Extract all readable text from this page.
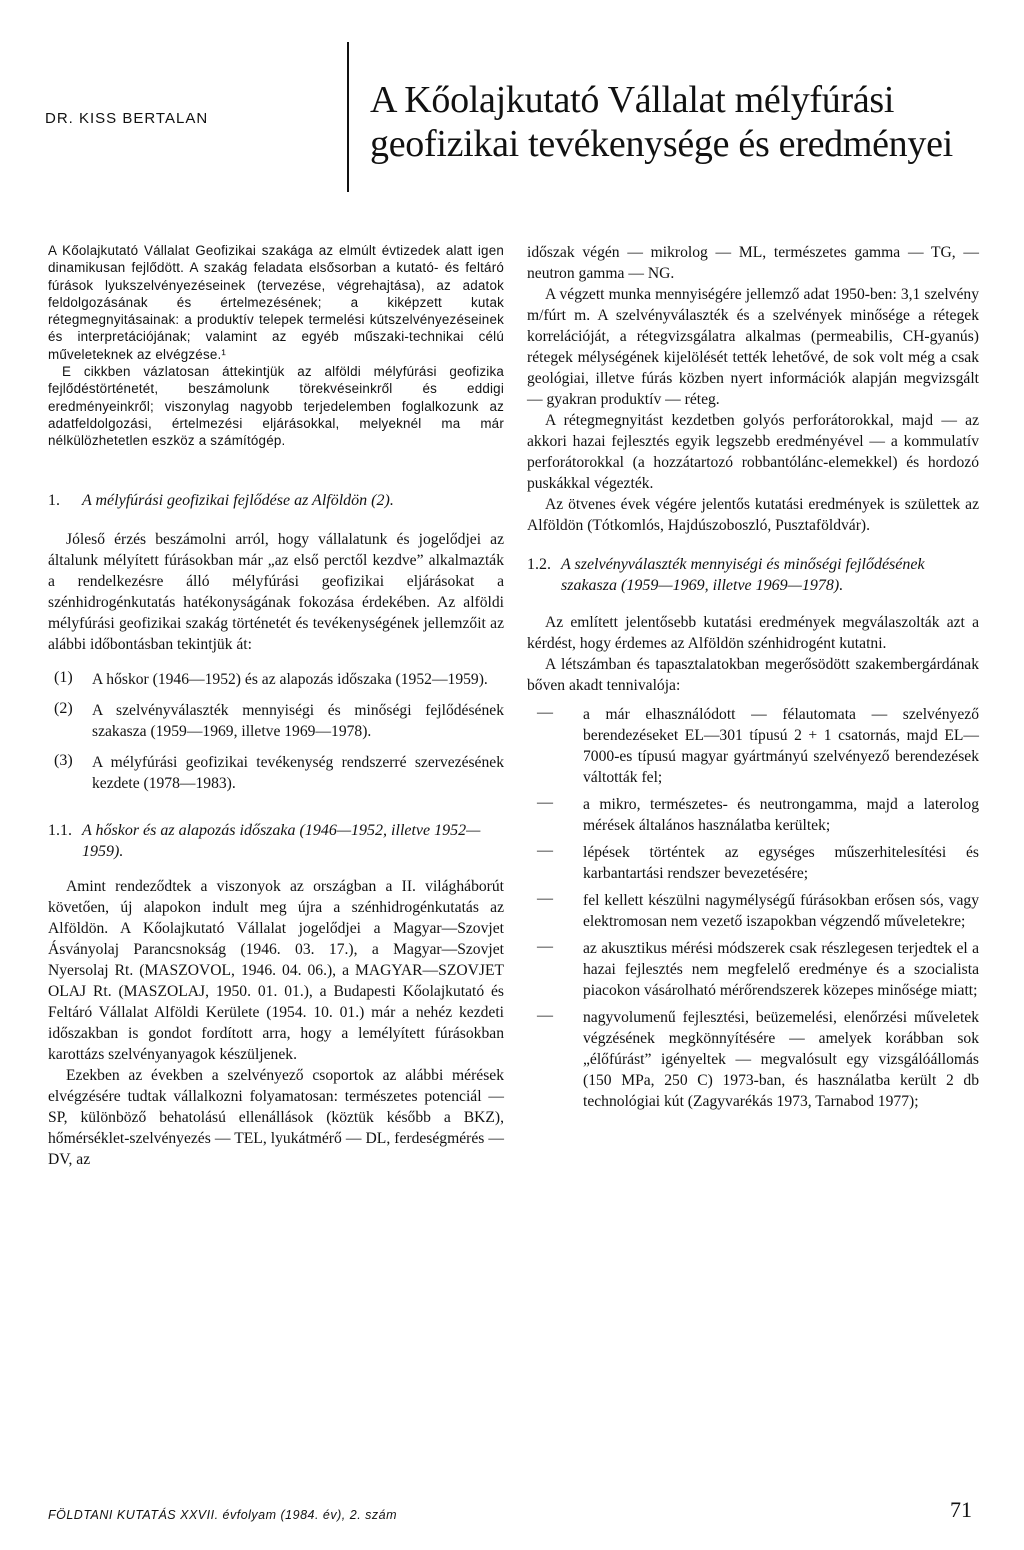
DR. KISS BERTALAN	A Kőolajkutató Vállalat mélyfúrási
geofizikai tevékenysége és eredményei

A Kőolajkutató Vállalat Geofizikai szakága az elmúlt évtizedek alatt igen dinamikusan fejlődött. A szakág feladata elsősorban a kutató- és feltáró fúrások lyukszelvényezéseinek (tervezése, végrehajtása), az adatok feldolgozásának és értelmezésének; a kiképzett kutak rétegmegnyitásainak: a produktív telepek termelési kútszelvényezéseinek és interpretációjának; valamint az egyéb műszaki-technikai célú műveleteknek az elvégzése.¹

E cikkben vázlatosan áttekintjük az alföldi mélyfúrási geofizika fejlődéstörténetét, beszámolunk törekvéseinkről és eddigi eredményeinkről; viszonylag nagyobb terjedelemben foglalkozunk az adatfeldolgozási, értelmezési eljárásokkal, melyeknél ma már nélkülözhetetlen eszköz a számítógép.

1.	A mélyfúrási geofizikai fejlődése az Alföldön (2).

Jóleső érzés beszámolni arról, hogy vállalatunk és jogelődjei az általunk mélyített fúrásokban már „az első perctől kezdve” alkalmazták a rendelkezésre álló mélyfúrási geofizikai eljárásokat a szénhidrogénkutatás hatékonyságának fokozása érdekében. Az alföldi mélyfúrási geofizikai szakág történetét és tevékenységének jellemzőit az alábbi időbontásban tekintjük át:

(1)	A hőskor (1946—1952) és az alapozás időszaka (1952—1959).
(2)	A szelvényválaszték mennyiségi és minőségi fejlődésének szakasza (1959—1969, illetve 1969—1978).
(3)	A mélyfúrási geofizikai tevékenység rendszerré szervezésének kezdete (1978—1983).
1.1. A hőskor és az alapozás időszaka (1946—1952, illetve 1952—1959).

Amint rendeződtek a viszonyok az országban a II. világháborút követően, új alapokon indult meg újra a szénhidrogénkutatás az Alföldön. A Kőolajkutató Vállalat jogelődjei a Magyar—Szovjet Ásványolaj Parancsnokság (1946. 03. 17.), a Magyar—Szovjet Nyersolaj Rt. (MASZOVOL, 1946. 04. 06.), a MAGYAR—SZOVJET OLAJ Rt. (MASZOLAJ, 1950. 01. 01.), a Budapesti Kőolajkutató és Feltáró Vállalat Alföldi Kerülete (1954. 10. 01.) már a nehéz kezdeti időszakban is gondot fordított arra, hogy a lemélyített fúrásokban karottázs szelvényanyagok készüljenek.

Ezekben az években a szelvényező csoportok az alábbi mérések elvégzésére tudtak vállalkozni folyamatosan: természetes potenciál — SP, különböző behatolású ellenállások (köztük később a BKZ), hőmérséklet-szelvényezés — TEL, lyukátmérő — DL, ferdeségmérés — DV, az

időszak végén — mikrolog — ML, természetes gamma — TG, — neutron gamma — NG.

A végzett munka mennyiségére jellemző adat 1950-ben: 3,1 szelvény m/fúrt m. A szelvényválaszték és a szelvények minősége a rétegek korrelációját, a rétegvizsgálatra alkalmas (permeabilis, CH-gyanús) rétegek mélységének kijelölését tették lehetővé, de sok volt még a csak geológiai, illetve fúrás közben nyert információk alapján megvizsgált — gyakran produktív — réteg.

A rétegmegnyitást kezdetben golyós perforátorokkal, majd — az akkori hazai fejlesztés egyik legszebb eredményével — a kommulatív perforátorokkal (a hozzátartozó robbantólánc-elemekkel) és hordozó puskákkal végezték.

Az ötvenes évek végére jelentős kutatási eredmények is születtek az Alföldön (Tótkomlós, Hajdúszoboszló, Pusztaföldvár).

1.2. A szelvényválaszték mennyiségi és minőségi fejlődésének szakasza (1959—1969, illetve 1969—1978).

Az említett jelentősebb kutatási eredmények megválaszolták azt a kérdést, hogy érdemes az Alföldön szénhidrogént kutatni.

A létszámban és tapasztalatokban megerősödött szakembergárdának bőven akadt tennivalója:

—	a már elhasználódott — félautomata — szelvényező berendezéseket EL—301 típusú 2 + 1 csatornás, majd EL—7000-es típusú magyar gyártmányú szelvényező berendezések váltották fel;
—	a mikro, természetes- és neutrongamma, majd a laterolog mérések általános használatba kerültek;
—	lépések történtek az egységes műszerhitelesítési és karbantartási rendszer bevezetésére;
—	fel kellett készülni nagymélységű fúrásokban erősen sós, vagy elektromosan nem vezető iszapokban végzendő műveletekre;
—	az akusztikus mérési módszerek csak részlegesen terjedtek el a hazai fejlesztés nem megfelelő eredménye és a szocialista piacokon vásárolható mérőrendszerek közepes minősége miatt;
—	nagyvolumenű fejlesztési, beüzemelési, elenőrzési műveletek végzésének megkönnyítésére — amelyek korábban sok „élőfúrást” igényeltek — megvalósult egy vizsgálóállomás (150 MPa, 250 C) 1973-ban, és használatba került 2 db technológiai kút (Zagyvarékás 1973, Tarnabod 1977);
FÖLDTANI KUTATÁS XXVII. évfolyam (1984. év), 2. szám	71
